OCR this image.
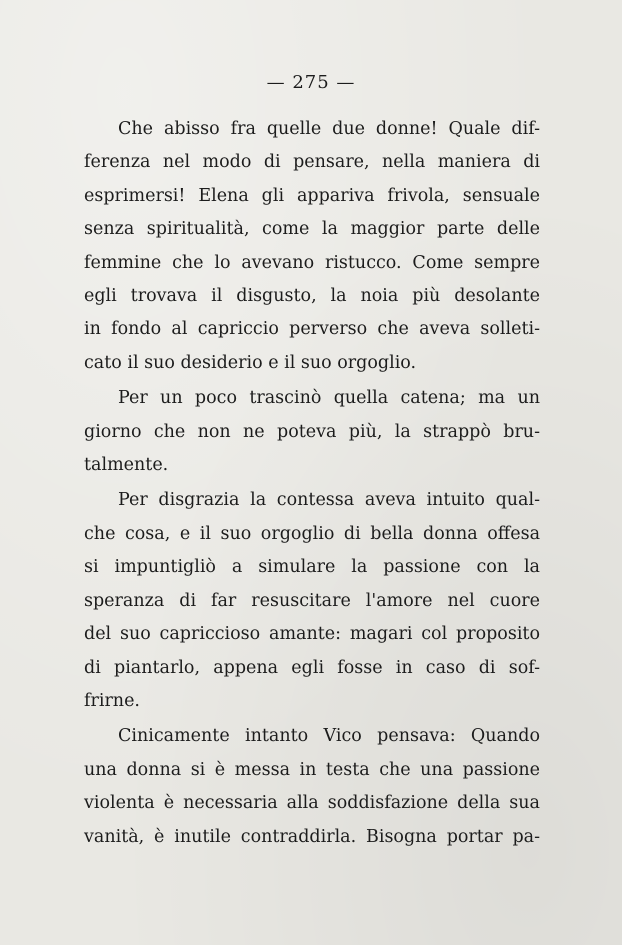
— 275 —
Che abisso fra quelle due donne! Quale dif-
ferenza nel modo di pensare, nella maniera di
esprimersi! Elena gli appariva frivola, sensuale
senza spiritualità, come la maggior parte delle
femmine che lo avevano ristucco. Come sempre
egli trovava il disgusto, la noia più desolante
in fondo al capriccio perverso che aveva solleti-
cato il suo desiderio e il suo orgoglio.
Per un poco trascinò quella catena; ma un
giorno che non ne poteva più, la strappò bru-
talmente.
Per disgrazia la contessa aveva intuito qual-
che cosa, e il suo orgoglio di bella donna offesa
si impuntigliò a simulare la passione con la
speranza di far resuscitare l'amore nel cuore
del suo capriccioso amante: magari col proposito
di piantarlo, appena egli fosse in caso di sof-
frirne.
Cinicamente intanto Vico pensava: Quando
una donna si è messa in testa che una passione
violenta è necessaria alla soddisfazione della sua
vanità, è inutile contraddirla. Bisogna portar pa-
